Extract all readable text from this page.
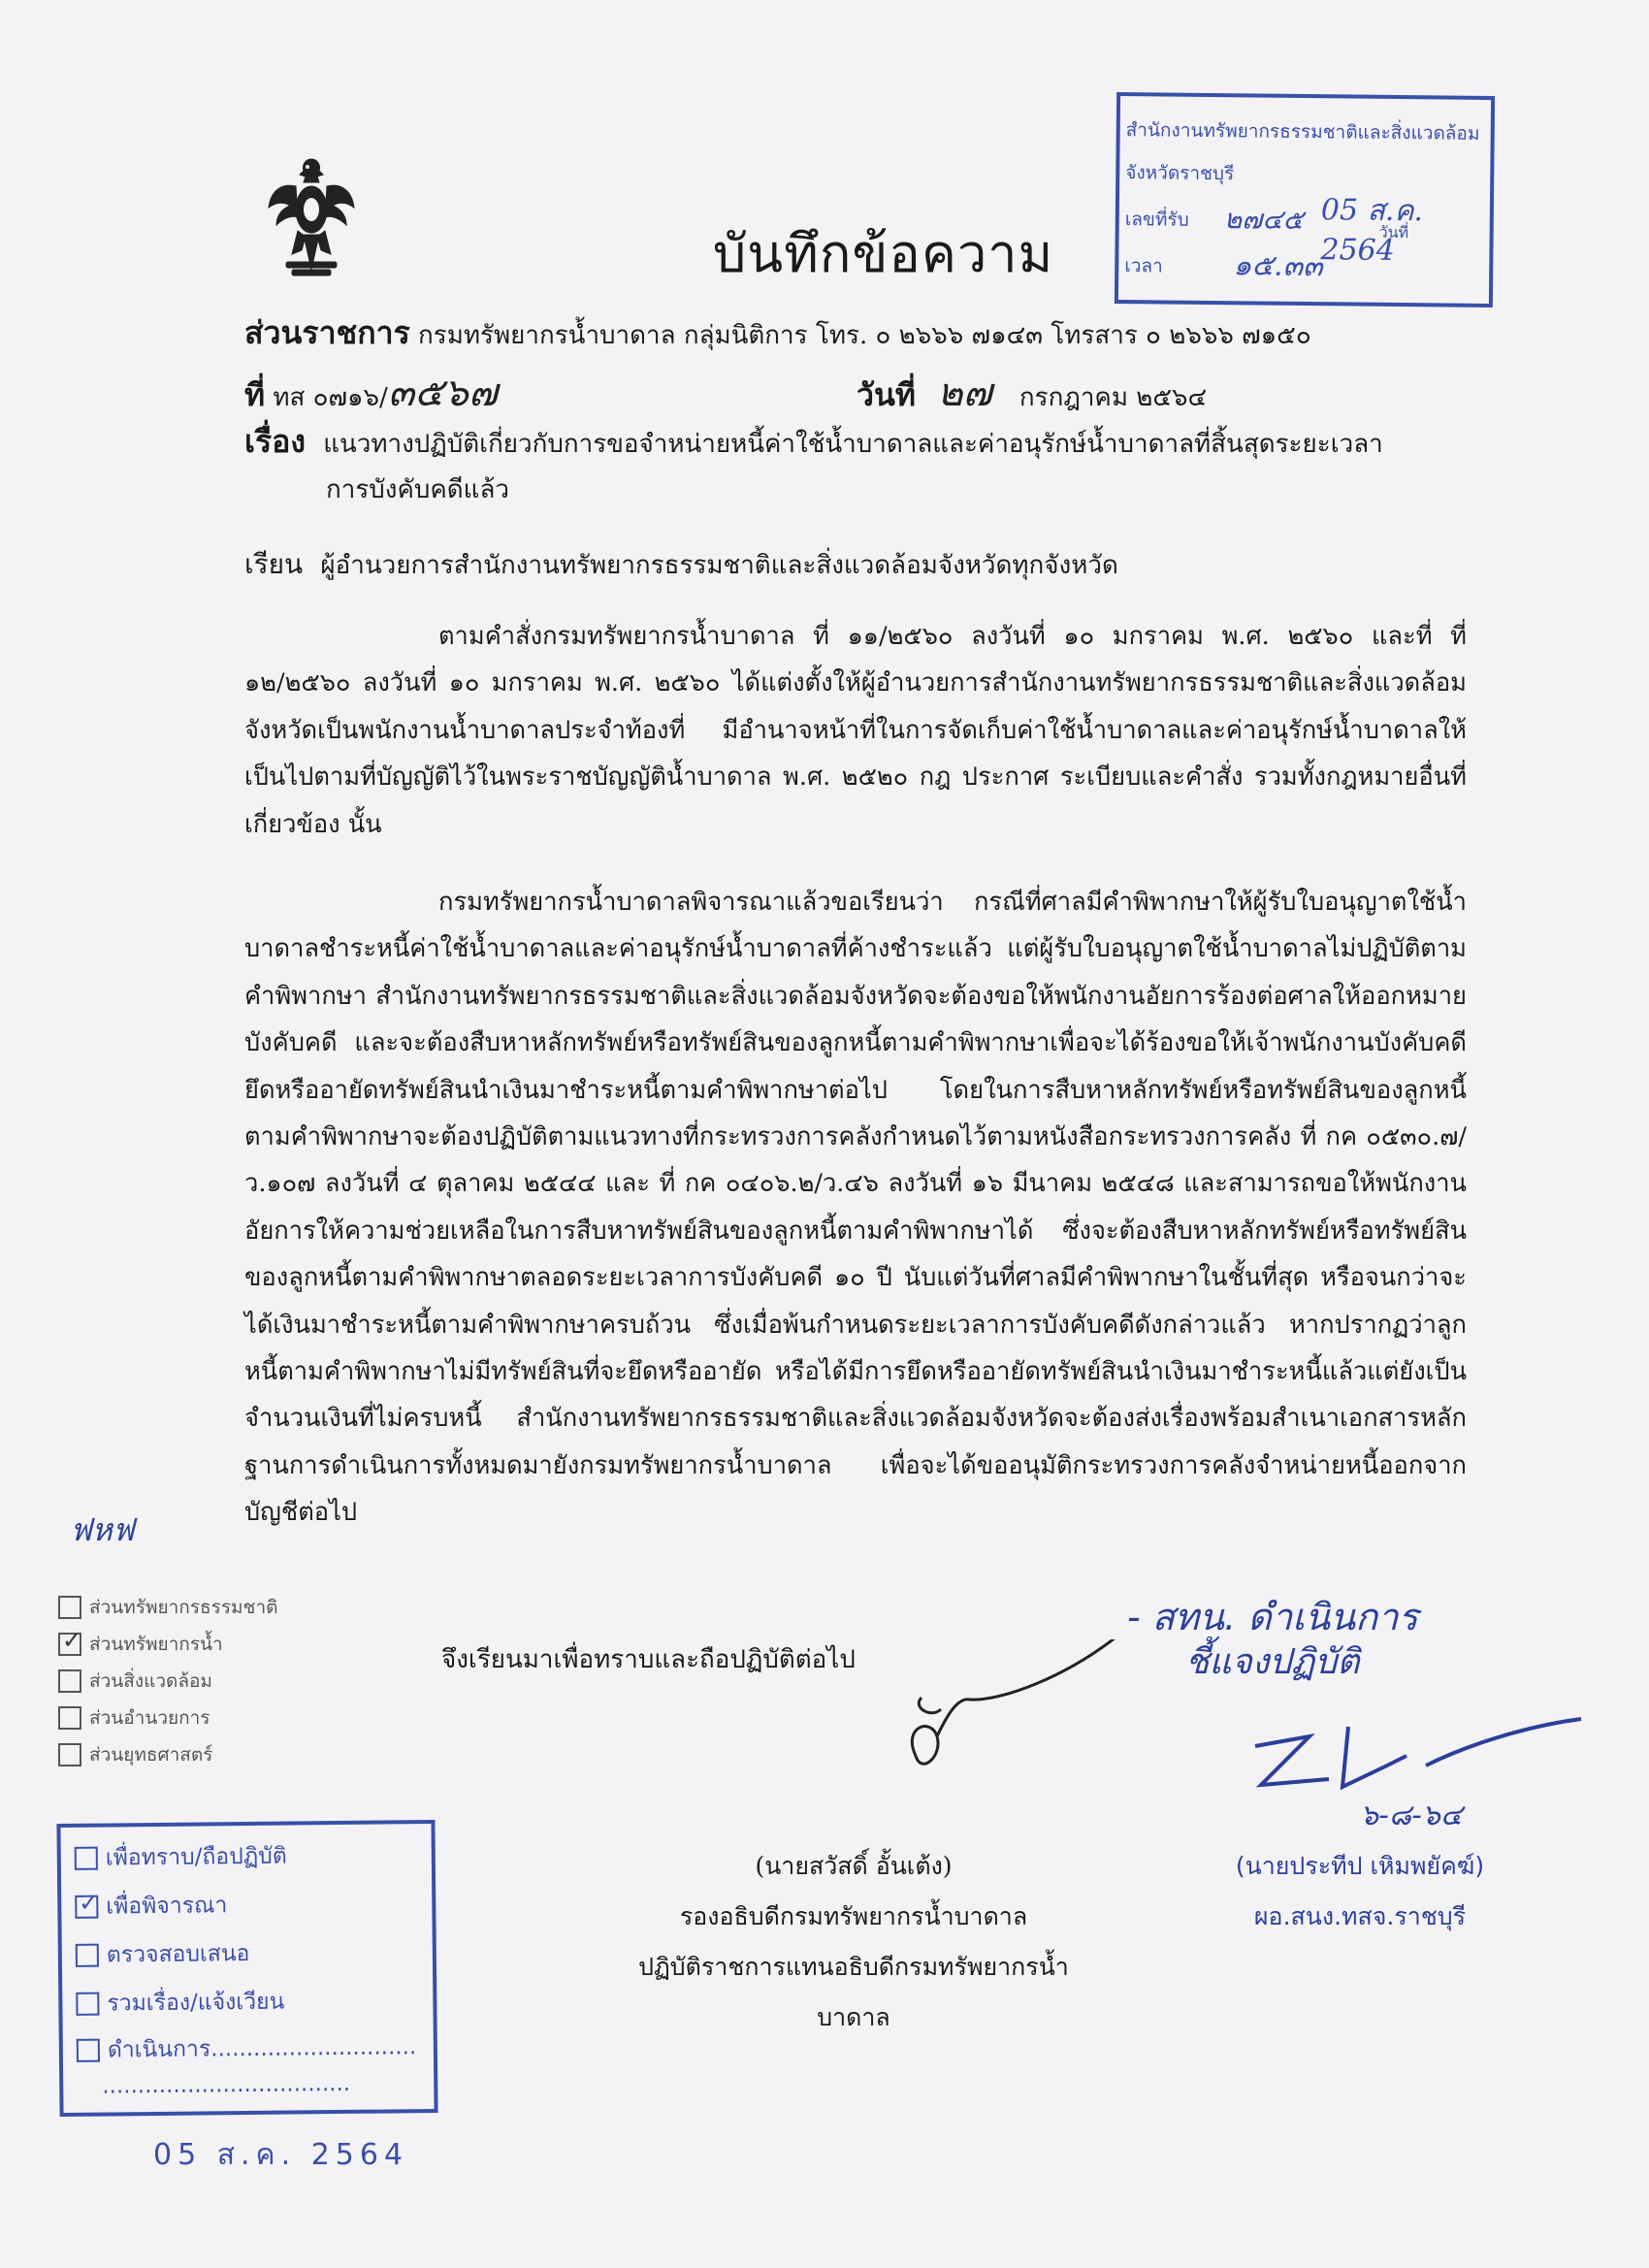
บันทึกข้อความ
สำนักงานทรัพยากรธรรมชาติและสิ่งแวดล้อม
จังหวัดราชบุรี
เลขที่รับ ๒๗๔๕ 05 ส.ค. 2564
วันที่
เวลา ๑๕.๓๓
ส่วนราชการ กรมทรัพยากรน้ำบาดาล กลุ่มนิติการ โทร. ๐ ๒๖๖๖ ๗๑๔๓ โทรสาร ๐ ๒๖๖๖ ๗๑๕๐
ที่ ทส ๐๗๑๖/๓๕๖๗	วันที่ ๒๗ กรกฎาคม ๒๕๖๔
เรื่อง แนวทางปฏิบัติเกี่ยวกับการขอจำหน่ายหนี้ค่าใช้น้ำบาดาลและค่าอนุรักษ์น้ำบาดาลที่สิ้นสุดระยะเวลา
การบังคับคดีแล้ว
เรียน ผู้อำนวยการสำนักงานทรัพยากรธรรมชาติและสิ่งแวดล้อมจังหวัดทุกจังหวัด
ตามคำสั่งกรมทรัพยากรน้ำบาดาล ที่ ๑๑/๒๕๖๐ ลงวันที่ ๑๐ มกราคม พ.ศ. ๒๕๖๐ และที่ ที่ ๑๒/๒๕๖๐ ลงวันที่ ๑๐ มกราคม พ.ศ. ๒๕๖๐ ได้แต่งตั้งให้ผู้อำนวยการสำนักงานทรัพยากรธรรมชาติและสิ่งแวดล้อมจังหวัดเป็นพนักงานน้ำบาดาลประจำท้องที่ มีอำนาจหน้าที่ในการจัดเก็บค่าใช้น้ำบาดาลและค่าอนุรักษ์น้ำบาดาลให้เป็นไปตามที่บัญญัติไว้ในพระราชบัญญัติน้ำบาดาล พ.ศ. ๒๕๒๐ กฎ ประกาศ ระเบียบและคำสั่ง รวมทั้งกฎหมายอื่นที่เกี่ยวข้อง นั้น
กรมทรัพยากรน้ำบาดาลพิจารณาแล้วขอเรียนว่า กรณีที่ศาลมีคำพิพากษาให้ผู้รับใบอนุญาตใช้น้ำบาดาลชำระหนี้ค่าใช้น้ำบาดาลและค่าอนุรักษ์น้ำบาดาลที่ค้างชำระแล้ว แต่ผู้รับใบอนุญาตใช้น้ำบาดาลไม่ปฏิบัติตามคำพิพากษา สำนักงานทรัพยากรธรรมชาติและสิ่งแวดล้อมจังหวัดจะต้องขอให้พนักงานอัยการร้องต่อศาลให้ออกหมายบังคับคดี และจะต้องสืบหาหลักทรัพย์หรือทรัพย์สินของลูกหนี้ตามคำพิพากษาเพื่อจะได้ร้องขอให้เจ้าพนักงานบังคับคดียึดหรืออายัดทรัพย์สินนำเงินมาชำระหนี้ตามคำพิพากษาต่อไป โดยในการสืบหาหลักทรัพย์หรือทรัพย์สินของลูกหนี้ตามคำพิพากษาจะต้องปฏิบัติตามแนวทางที่กระทรวงการคลังกำหนดไว้ตามหนังสือกระทรวงการคลัง ที่ กค ๐๕๓๐.๗/ว.๑๐๗ ลงวันที่ ๔ ตุลาคม ๒๕๔๔ และ ที่ กค ๐๔๐๖.๒/ว.๔๖ ลงวันที่ ๑๖ มีนาคม ๒๕๔๘ และสามารถขอให้พนักงานอัยการให้ความช่วยเหลือในการสืบหาทรัพย์สินของลูกหนี้ตามคำพิพากษาได้ ซึ่งจะต้องสืบหาหลักทรัพย์หรือทรัพย์สินของลูกหนี้ตามคำพิพากษาตลอดระยะเวลาการบังคับคดี ๑๐ ปี นับแต่วันที่ศาลมีคำพิพากษาในชั้นที่สุด หรือจนกว่าจะได้เงินมาชำระหนี้ตามคำพิพากษาครบถ้วน ซึ่งเมื่อพ้นกำหนดระยะเวลาการบังคับคดีดังกล่าวแล้ว หากปรากฏว่าลูกหนี้ตามคำพิพากษาไม่มีทรัพย์สินที่จะยึดหรืออายัด หรือได้มีการยึดหรืออายัดทรัพย์สินนำเงินมาชำระหนี้แล้วแต่ยังเป็นจำนวนเงินที่ไม่ครบหนี้ สำนักงานทรัพยากรธรรมชาติและสิ่งแวดล้อมจังหวัดจะต้องส่งเรื่องพร้อมสำเนาเอกสารหลักฐานการดำเนินการทั้งหมดมายังกรมทรัพยากรน้ำบาดาล เพื่อจะได้ขออนุมัติกระทรวงการคลังจำหน่ายหนี้ออกจากบัญชีต่อไป
จึงเรียนมาเพื่อทราบและถือปฏิบัติต่อไป
- สทน. ดำเนินการ
ชี้แจงปฏิบัติ
๖-๘-๖๔
(นายสวัสดิ์ อั้นเต้ง)
รองอธิบดีกรมทรัพยากรน้ำบาดาล
ปฏิบัติราชการแทนอธิบดีกรมทรัพยากรน้ำบาดาล
(นายประทีป เหิมพยัคฆ์)
ผอ.สนง.ทสจ.ราชบุรี
ฟหฟ
ส่วนทรัพยากรธรรมชาติ
✓
ส่วนทรัพยากรน้ำ
ส่วนสิ่งแวดล้อม
ส่วนอำนวยการ
ส่วนยุทธศาสตร์
เพื่อทราบ/ถือปฏิบัติ
✓
เพื่อพิจารณา
ตรวจสอบเสนอ
รวมเรื่อง/แจ้งเวียน
ดำเนินการ.............................
...................................
05 ส.ค. 2564
